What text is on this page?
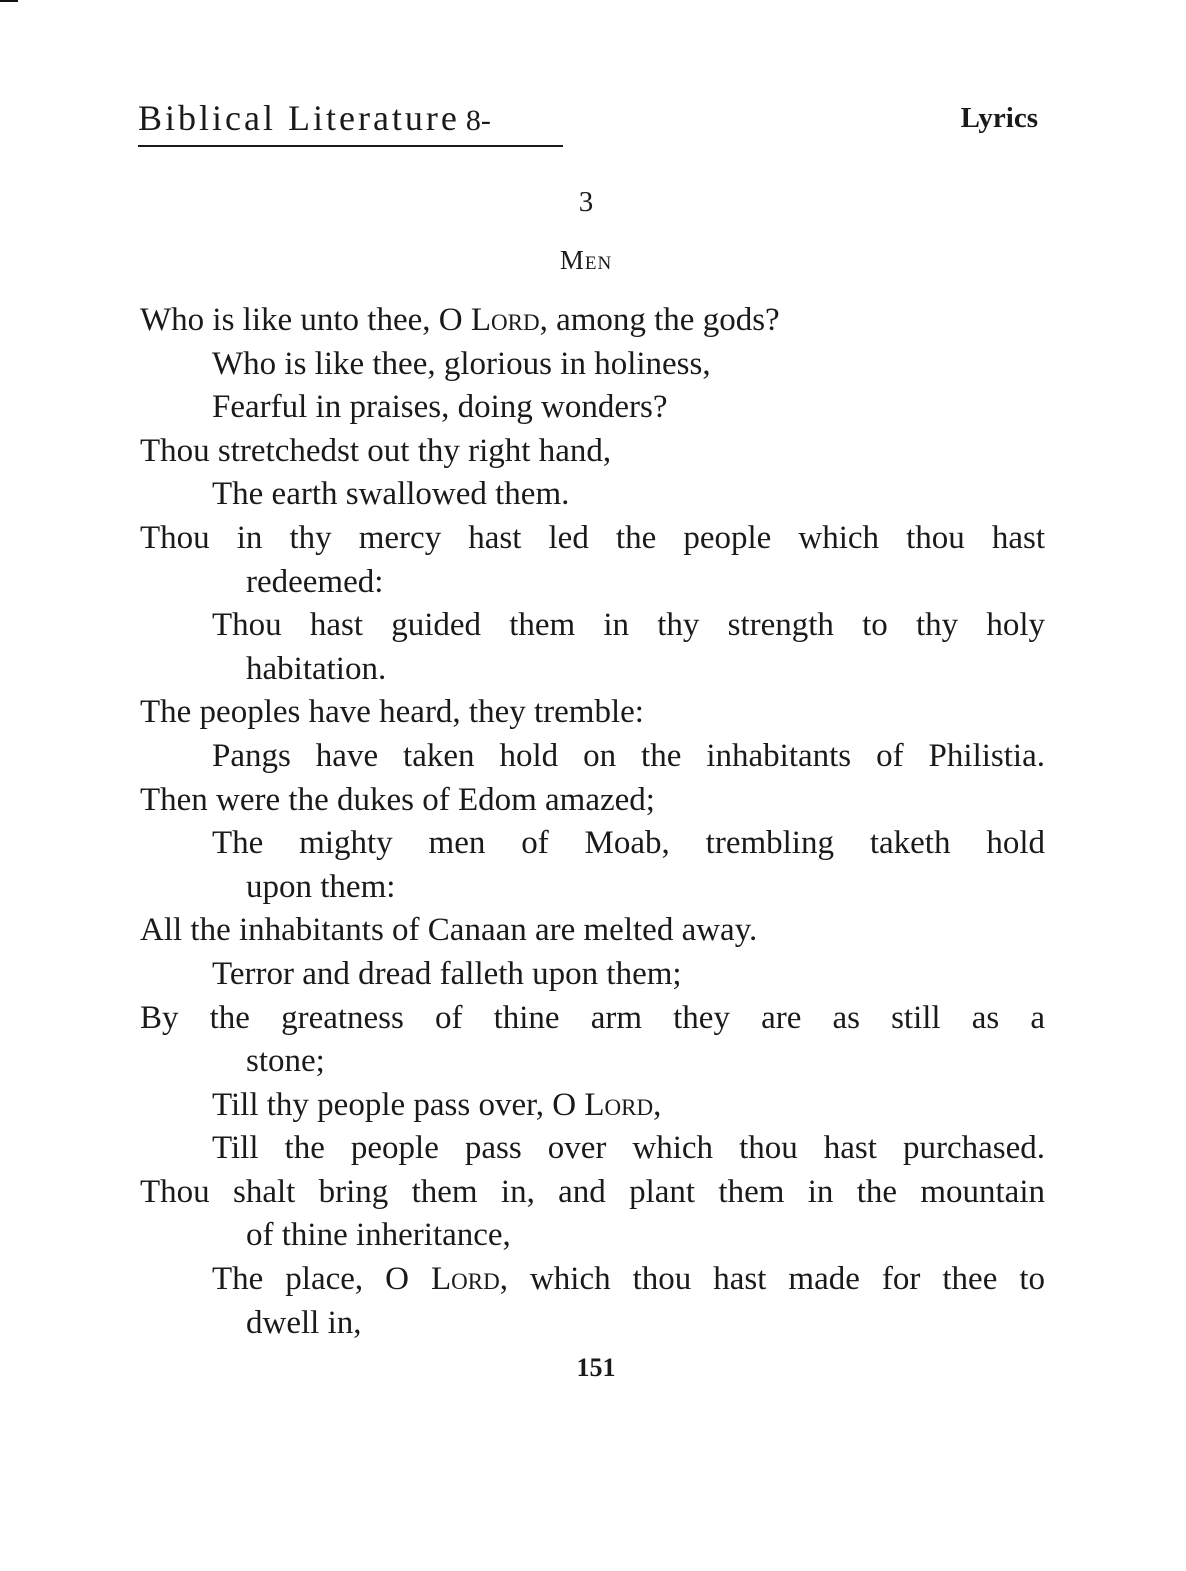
Biblical Literature 8-	Lyrics
3
Men
Who is like unto thee, O Lord, among the gods?
Who is like thee, glorious in holiness,
Fearful in praises, doing wonders?
Thou stretchedst out thy right hand,
The earth swallowed them.
Thou in thy mercy hast led the people which thou hast
redeemed:
Thou hast guided them in thy strength to thy holy
habitation.
The peoples have heard, they tremble:
Pangs have taken hold on the inhabitants of Philistia.
Then were the dukes of Edom amazed;
The mighty men of Moab, trembling taketh hold
upon them:
All the inhabitants of Canaan are melted away.
Terror and dread falleth upon them;
By the greatness of thine arm they are as still as a
stone;
Till thy people pass over, O Lord,
Till the people pass over which thou hast purchased.
Thou shalt bring them in, and plant them in the mountain
of thine inheritance,
The place, O Lord, which thou hast made for thee to
dwell in,
151
